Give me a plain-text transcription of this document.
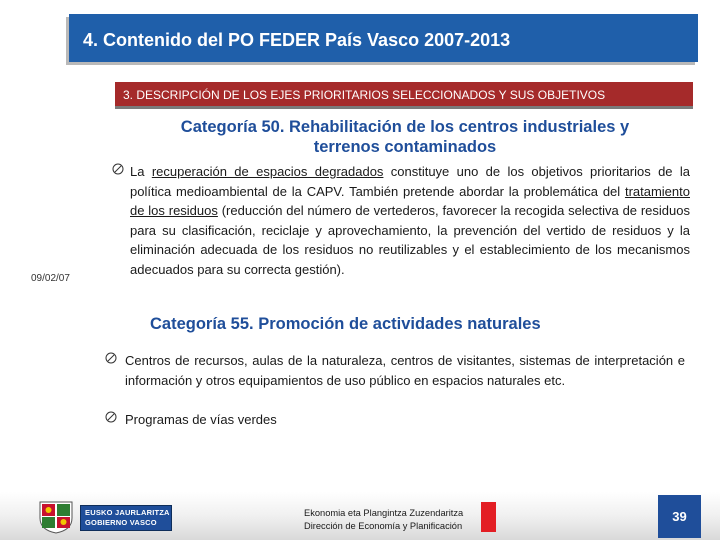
4. Contenido del PO FEDER País Vasco 2007-2013
3. DESCRIPCIÓN DE LOS EJES PRIORITARIOS SELECCIONADOS Y SUS OBJETIVOS
Categoría 50. Rehabilitación de los centros industriales y
terrenos contaminados
La recuperación de espacios degradados constituye uno de los objetivos prioritarios de la política medioambiental de la CAPV. También pretende abordar la problemática del tratamiento de los residuos (reducción del número de vertederos, favorecer la recogida selectiva de residuos para su clasificación, reciclaje y aprovechamiento, la prevención del vertido de residuos y la eliminación adecuada de los residuos no reutilizables y el establecimiento de los mecanismos adecuados para su correcta gestión).
09/02/07
Categoría 55. Promoción de actividades naturales
Centros de recursos, aulas de la naturaleza, centros de visitantes, sistemas de interpretación e información y otros equipamientos de uso público en espacios naturales etc.
Programas de vías verdes
EUSKO JAURLARITZA
GOBIERNO VASCO
Ekonomia eta Plangintza Zuzendaritza
Dirección de Economía y Planificación
39
